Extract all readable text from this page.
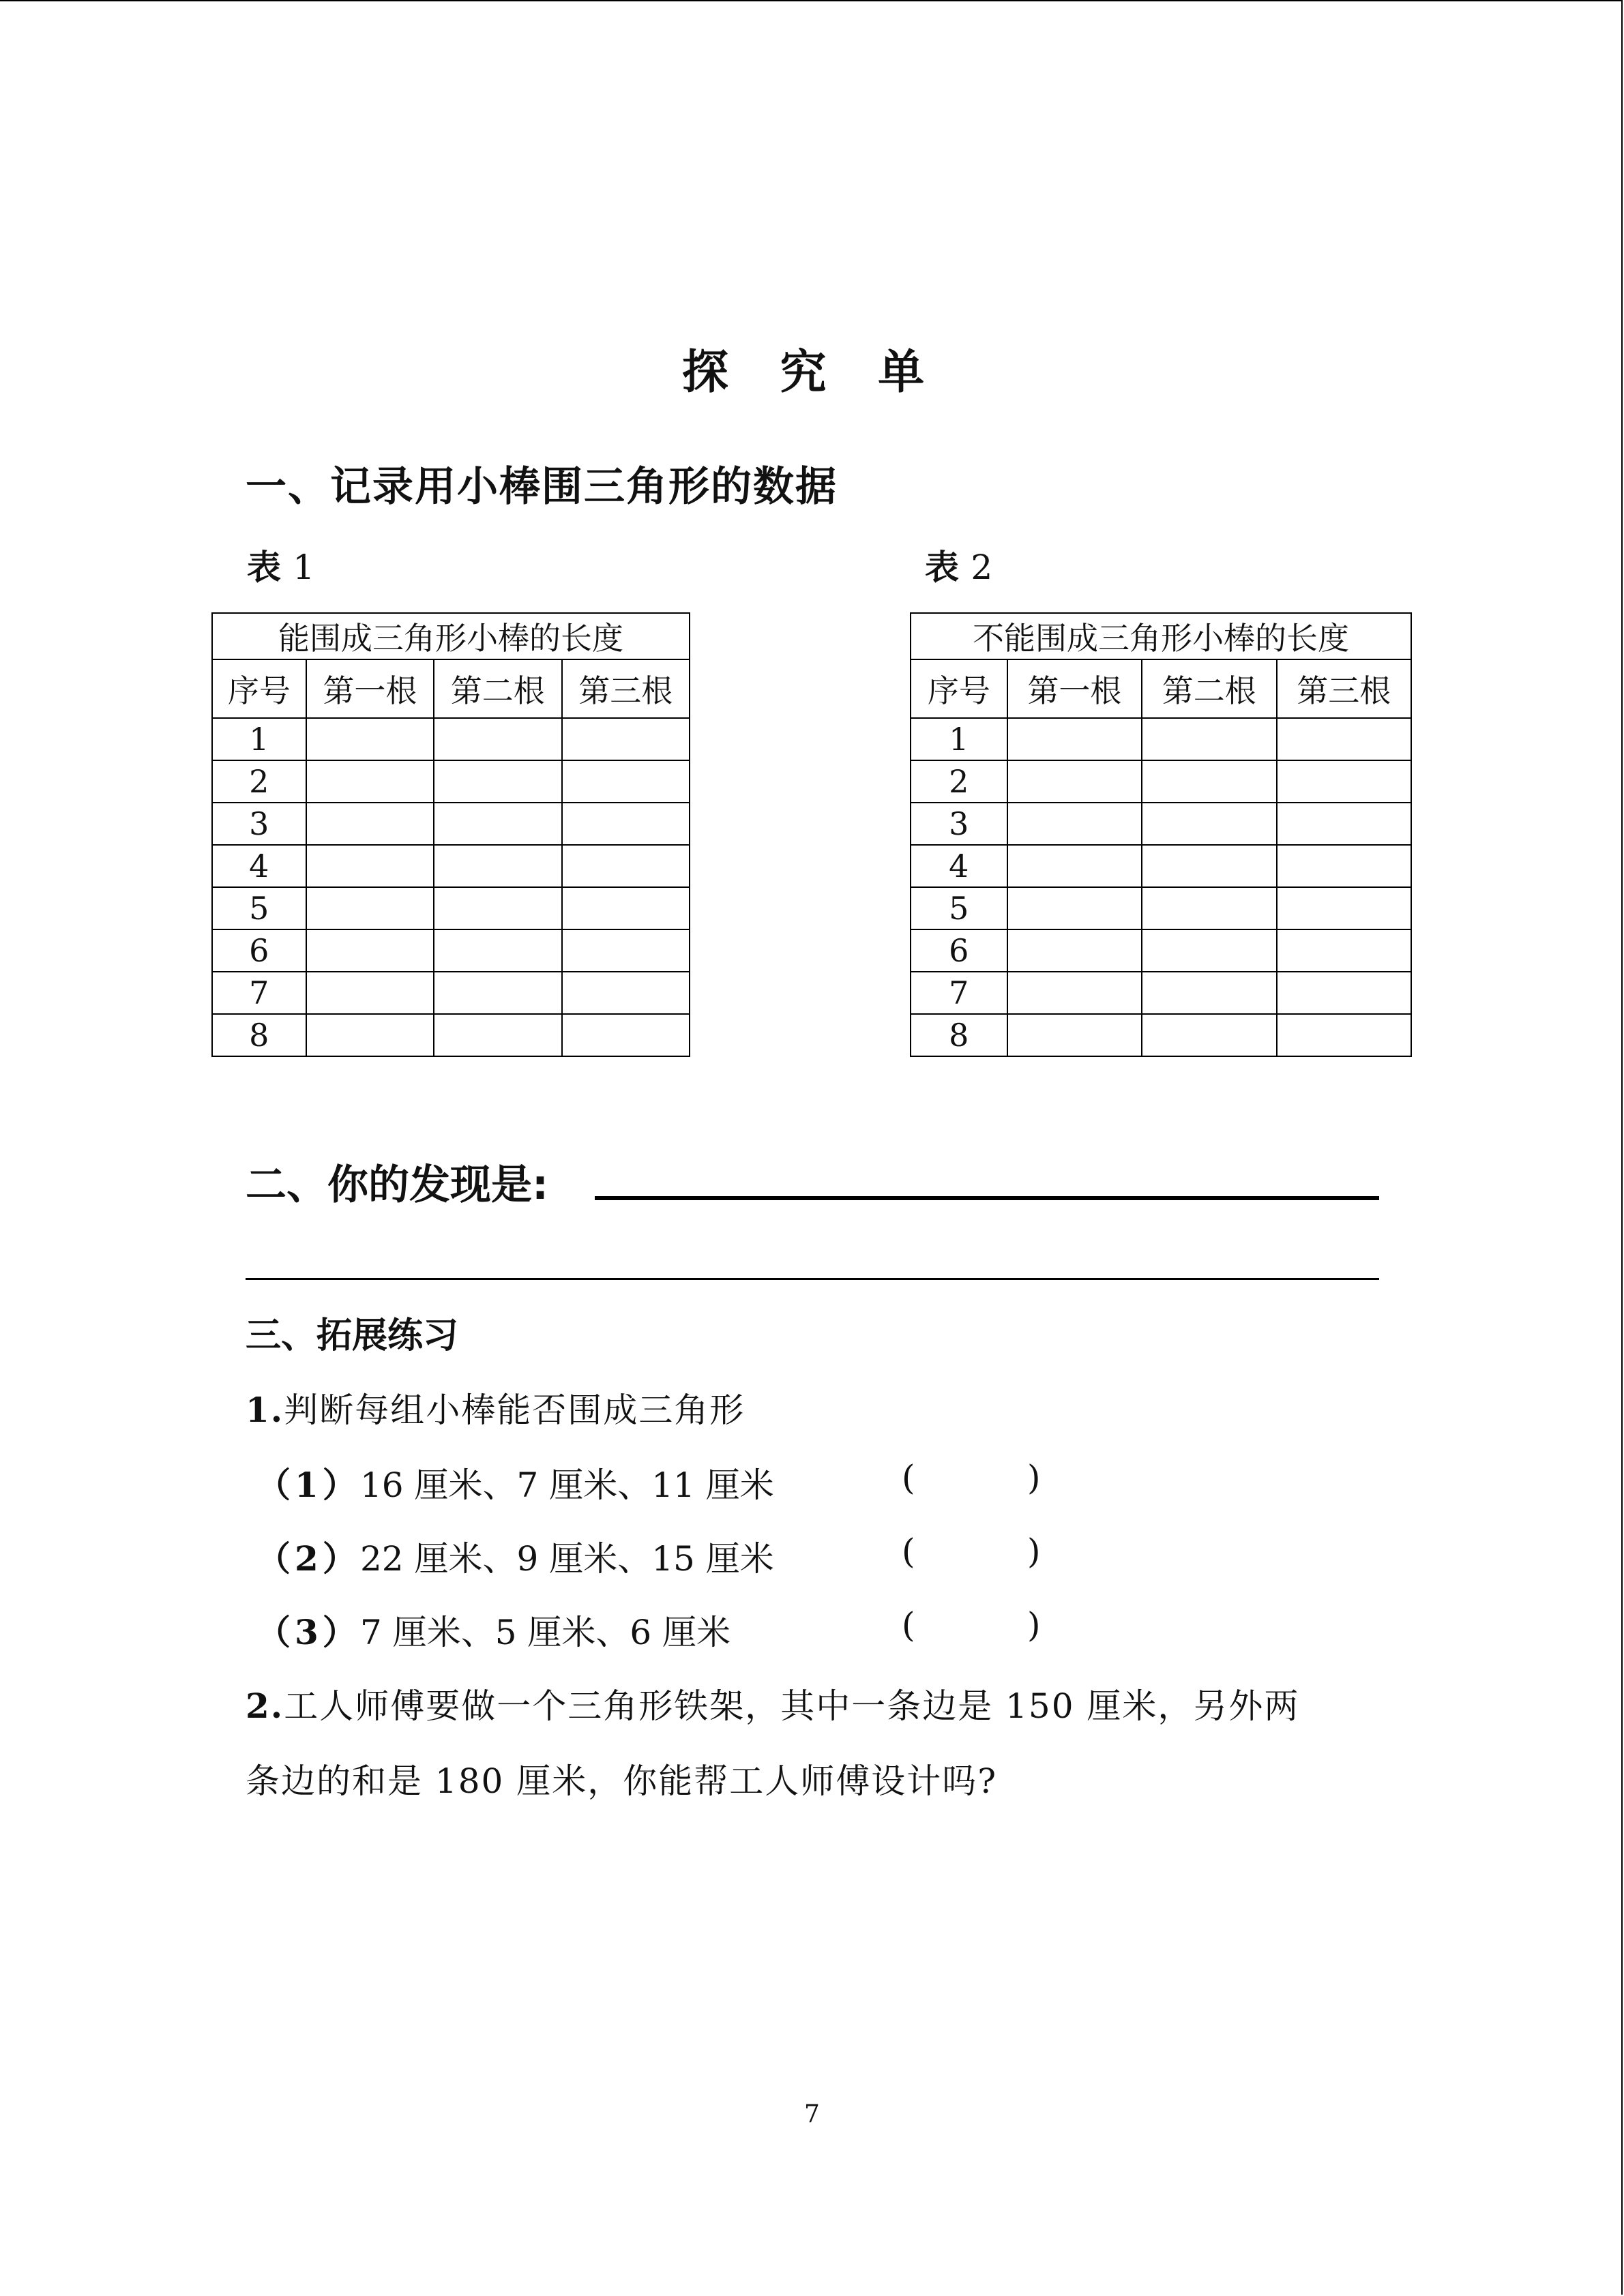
探 究 单
一、记录用小棒围三角形的数据
表 1	表 2
能围成三角形小棒的长度			
序号	第一根	第二根	第三根
1			
2			
3			
4			
5			
6			
7			
8			
不能围成三角形小棒的长度			
序号	第一根	第二根	第三根
1			
2			
3			
4			
5			
6			
7			
8			
二、你的发现是:
三、拓展练习
1.判断每组小棒能否围成三角形
（1）16 厘米、7 厘米、11 厘米	(	)
（2）22 厘米、9 厘米、15 厘米	(	)
（3）7 厘米、5 厘米、6 厘米	(	)
2.工人师傅要做一个三角形铁架，其中一条边是 150 厘米，另外两
条边的和是 180 厘米，你能帮工人师傅设计吗?
7
